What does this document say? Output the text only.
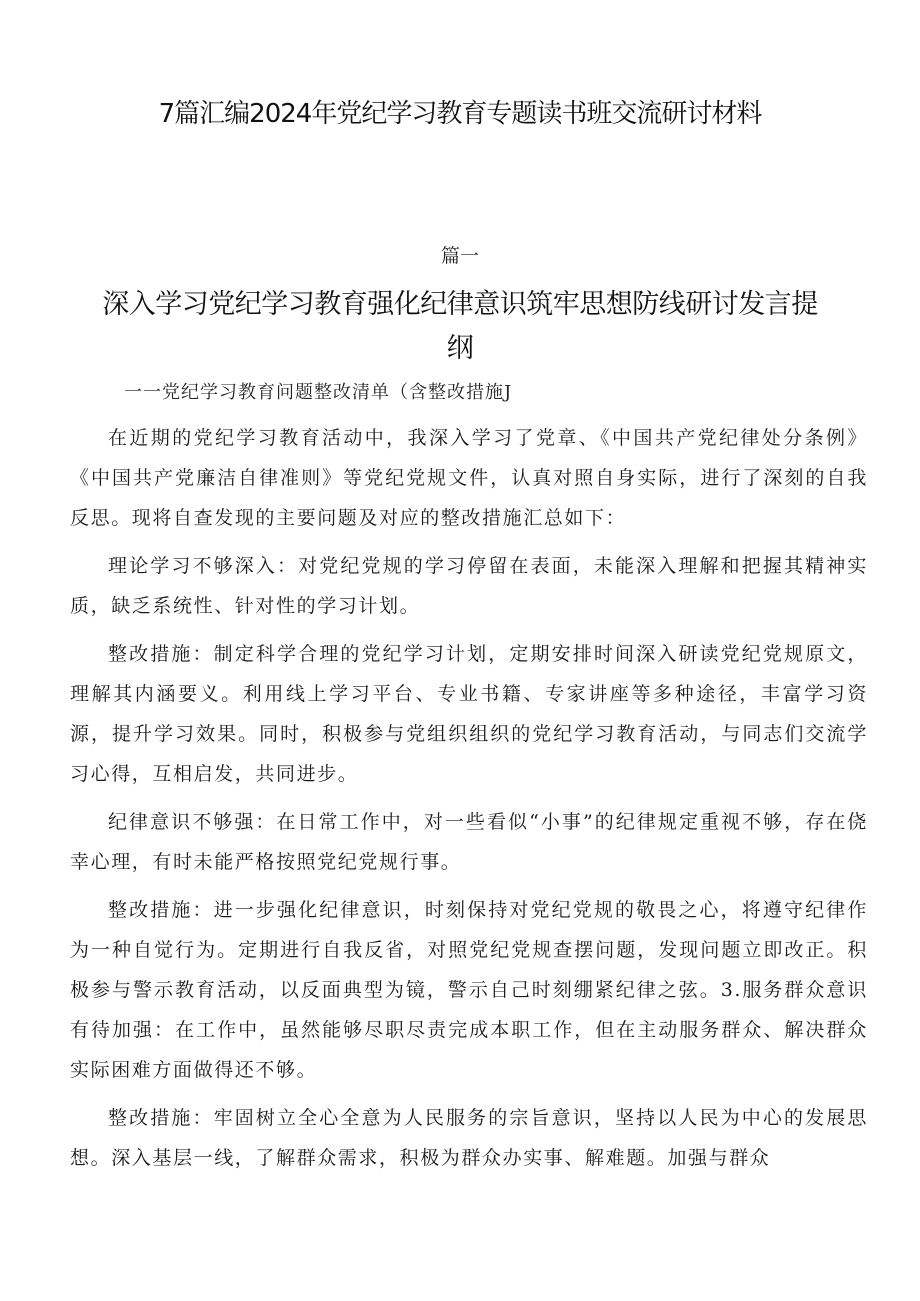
7篇汇编2024年党纪学习教育专题读书班交流研讨材料
篇一
深入学习党纪学习教育强化纪律意识筑牢思想防线研讨发言提纲
一一党纪学习教育问题整改清单（含整改措施J

在近期的党纪学习教育活动中，我深入学习了党章、《中国共产党纪律处分条例》《中国共产党廉洁自律准则》等党纪党规文件，认真对照自身实际，进行了深刻的自我反思。现将自查发现的主要问题及对应的整改措施汇总如下：

理论学习不够深入：对党纪党规的学习停留在表面，未能深入理解和把握其精神实质，缺乏系统性、针对性的学习计划。

整改措施：制定科学合理的党纪学习计划，定期安排时间深入研读党纪党规原文，理解其内涵要义。利用线上学习平台、专业书籍、专家讲座等多种途径，丰富学习资源，提升学习效果。同时，积极参与党组织组织的党纪学习教育活动，与同志们交流学习心得，互相启发，共同进步。

纪律意识不够强：在日常工作中，对一些看似“小事”的纪律规定重视不够，存在侥幸心理，有时未能严格按照党纪党规行事。

整改措施：进一步强化纪律意识，时刻保持对党纪党规的敬畏之心，将遵守纪律作为一种自觉行为。定期进行自我反省，对照党纪党规查摆问题，发现问题立即改正。积极参与警示教育活动，以反面典型为镜，警示自己时刻绷紧纪律之弦。3.服务群众意识有待加强：在工作中，虽然能够尽职尽责完成本职工作，但在主动服务群众、解决群众实际困难方面做得还不够。

整改措施：牢固树立全心全意为人民服务的宗旨意识，坚持以人民为中心的发展思想。深入基层一线，了解群众需求，积极为群众办实事、解难题。加强与群众
